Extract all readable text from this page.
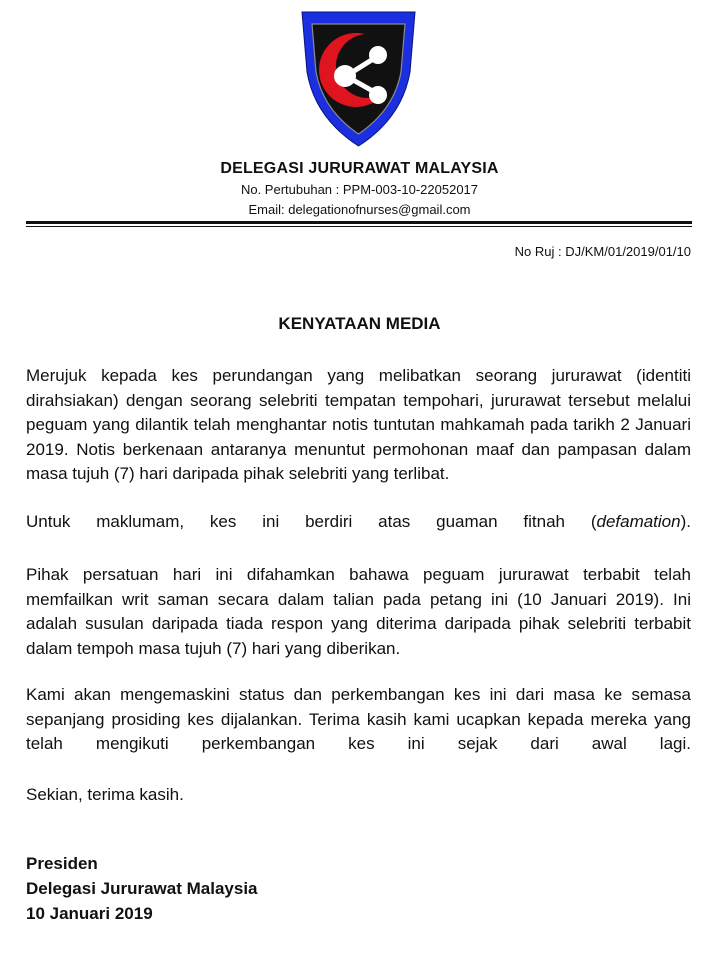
DELEGASI JURURAWAT MALAYSIA
No. Pertubuhan : PPM-003-10-22052017
Email: delegationofnurses@gmail.com
No Ruj : DJ/KM/01/2019/01/10
KENYATAAN MEDIA

Merujuk kepada kes perundangan yang melibatkan seorang jururawat (identiti dirahsiakan) dengan seorang selebriti tempatan tempohari, jururawat tersebut melalui peguam yang dilantik telah menghantar notis tuntutan mahkamah pada tarikh 2 Januari 2019. Notis berkenaan antaranya menuntut permohonan maaf dan pampasan dalam masa tujuh (7) hari daripada pihak selebriti yang terlibat.

Untuk maklumam, kes ini berdiri atas guaman fitnah (defamation).

Pihak persatuan hari ini difahamkan bahawa peguam jururawat terbabit telah memfailkan writ saman secara dalam talian pada petang ini (10 Januari 2019). Ini adalah susulan daripada tiada respon yang diterima daripada pihak selebriti terbabit dalam tempoh masa tujuh (7) hari yang diberikan.

Kami akan mengemaskini status dan perkembangan kes ini dari masa ke semasa sepanjang prosiding kes dijalankan. Terima kasih kami ucapkan kepada mereka yang telah mengikuti perkembangan kes ini sejak dari awal lagi.

Sekian, terima kasih.

Presiden
Delegasi Jururawat Malaysia
10 Januari 2019
